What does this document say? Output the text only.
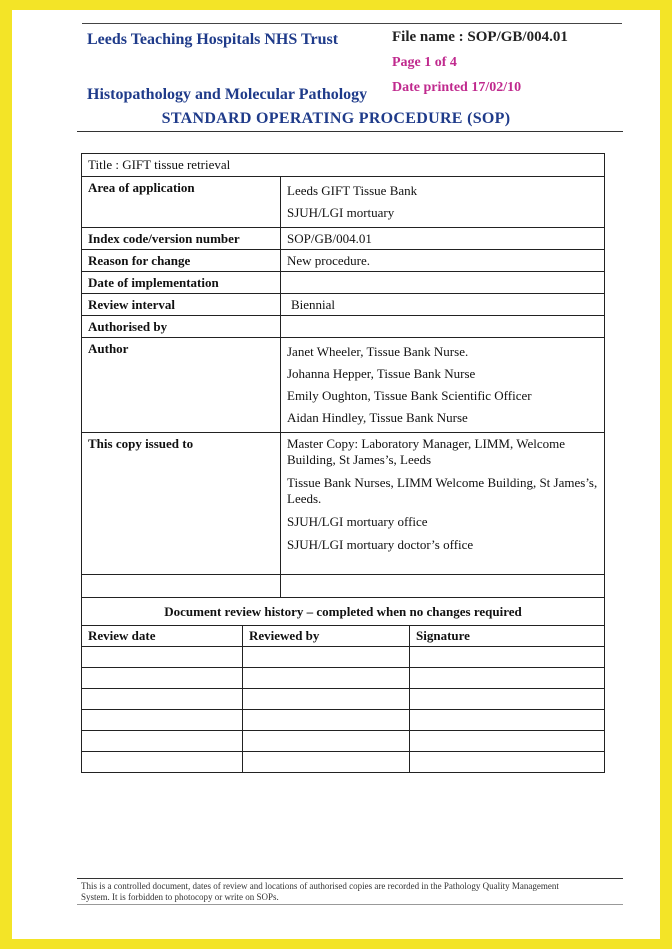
Leeds Teaching Hospitals NHS Trust	File name : SOP/GB/004.01
Page 1 of 4
Date printed 17/02/10
Histopathology and Molecular Pathology
STANDARD OPERATING PROCEDURE (SOP)
Title : GIFT tissue retrieval	
Area of application	Leeds GIFT Tissue Bank
SJUH/LGI mortuary

Index code/version number	SOP/GB/004.01
Reason for change	New procedure.
Date of implementation	
Review interval	Biennial
Authorised by	
Author	Janet Wheeler, Tissue Bank Nurse.
Johanna Hepper, Tissue Bank Nurse
Emily Oughton, Tissue Bank Scientific Officer
Aidan Hindley, Tissue Bank Nurse

This copy issued to	Master Copy: Laboratory Manager, LIMM, Welcome Building, St James’s, Leeds
Tissue Bank Nurses, LIMM Welcome Building, St James’s, Leeds.
SJUH/LGI mortuary office
SJUH/LGI mortuary doctor’s office

Document review history – completed when no changes required	
Review date	Reviewed by	Signature

This is a controlled document, dates of review and locations of authorised copies are recorded in the Pathology Quality Management System. It is forbidden to photocopy or write on SOPs.
